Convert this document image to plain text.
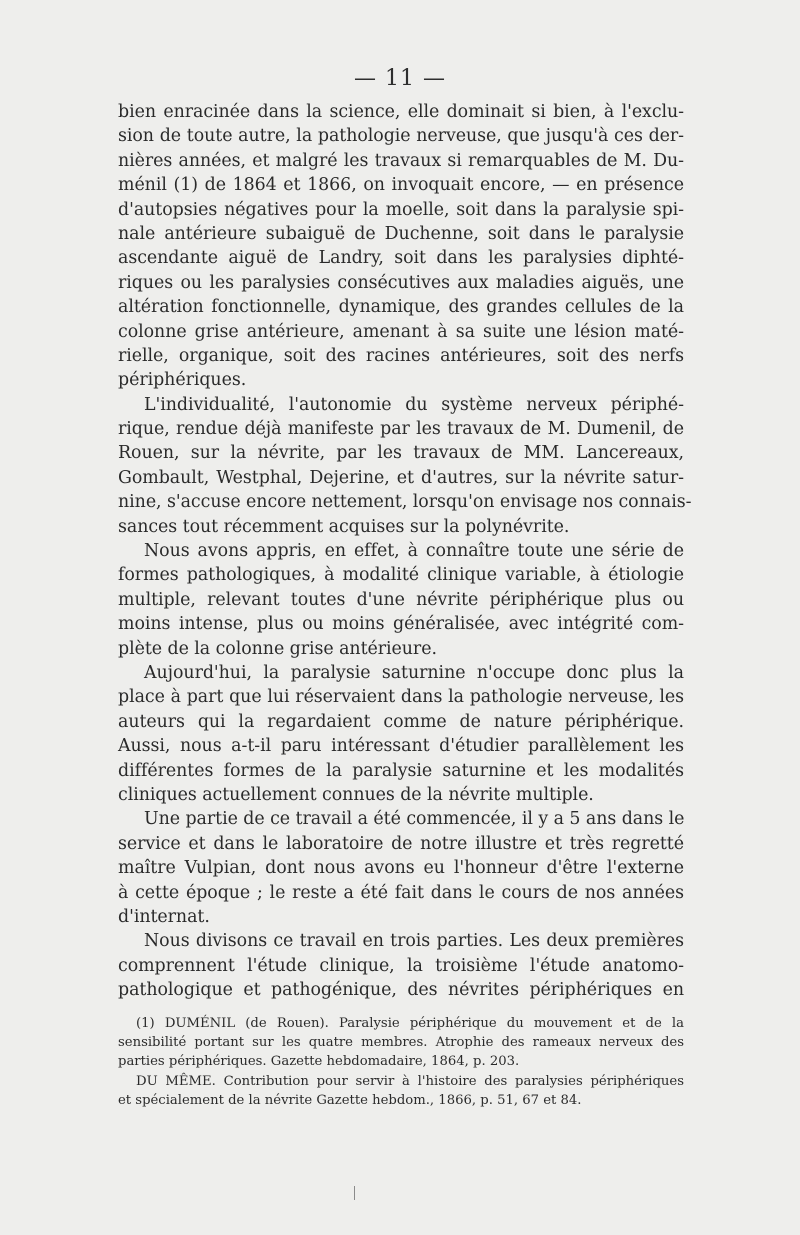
— 11 —
bien enracinée dans la science, elle dominait si bien, à l'exclu-
sion de toute autre, la pathologie nerveuse, que jusqu'à ces der-
nières années, et malgré les travaux si remarquables de M. Du-
ménil (1) de 1864 et 1866, on invoquait encore, — en présence
d'autopsies négatives pour la moelle, soit dans la paralysie spi-
nale antérieure subaiguë de Duchenne, soit dans le paralysie
ascendante aiguë de Landry, soit dans les paralysies diphté-
riques ou les paralysies consécutives aux maladies aiguës, une
altération fonctionnelle, dynamique, des grandes cellules de la
colonne grise antérieure, amenant à sa suite une lésion maté-
rielle, organique, soit des racines antérieures, soit des nerfs
périphériques.
L'individualité, l'autonomie du système nerveux périphé-
rique, rendue déjà manifeste par les travaux de M. Dumenil, de
Rouen, sur la névrite, par les travaux de MM. Lancereaux,
Gombault, Westphal, Dejerine, et d'autres, sur la névrite satur-
nine, s'accuse encore nettement, lorsqu'on envisage nos connais-
sances tout récemment acquises sur la polynévrite.
Nous avons appris, en effet, à connaître toute une série de
formes pathologiques, à modalité clinique variable, à étiologie
multiple, relevant toutes d'une névrite périphérique plus ou
moins intense, plus ou moins généralisée, avec intégrité com-
plète de la colonne grise antérieure.
Aujourd'hui, la paralysie saturnine n'occupe donc plus la
place à part que lui réservaient dans la pathologie nerveuse, les
auteurs qui la regardaient comme de nature périphérique.
Aussi, nous a-t-il paru intéressant d'étudier parallèlement les
différentes formes de la paralysie saturnine et les modalités
cliniques actuellement connues de la névrite multiple.
Une partie de ce travail a été commencée, il y a 5 ans dans le
service et dans le laboratoire de notre illustre et très regretté
maître Vulpian, dont nous avons eu l'honneur d'être l'externe
à cette époque ; le reste a été fait dans le cours de nos années
d'internat.
Nous divisons ce travail en trois parties. Les deux premières
comprennent l'étude clinique, la troisième l'étude anatomo-
pathologique et pathogénique, des névrites périphériques en
(1) DUMÉNIL (de Rouen). Paralysie périphérique du mouvement et de la
sensibilité portant sur les quatre membres. Atrophie des rameaux nerveux des
parties périphériques. Gazette hebdomadaire, 1864, p. 203.
DU MÊME. Contribution pour servir à l'histoire des paralysies périphériques
et spécialement de la névrite Gazette hebdom., 1866, p. 51, 67 et 84.
